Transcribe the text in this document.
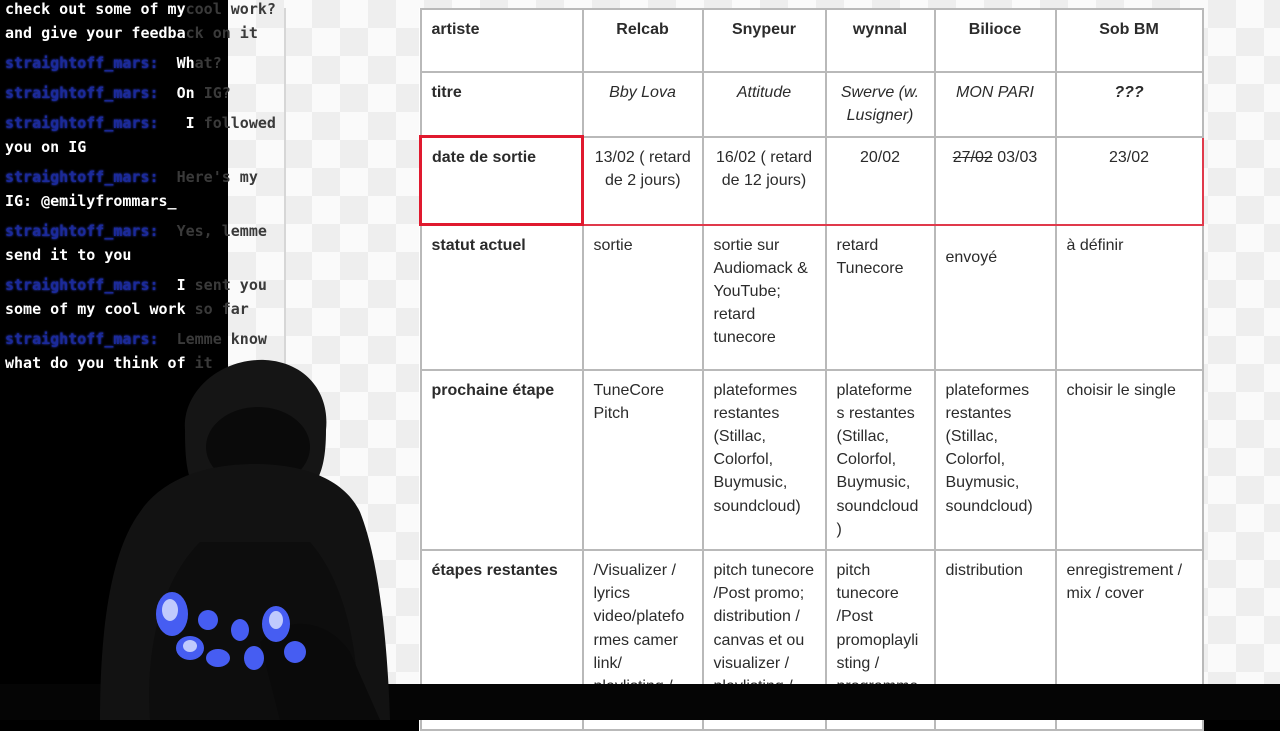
artiste	Relcab	Snypeur	wynnal	Bilioce	Sob BM
titre	Bby Lova	Attitude	Swerve (w. Lusigner)	MON PARI	???
date de sortie	13/02 ( retard de 2 jours)	16/02 ( retard de 12 jours)	20/02	27/02 03/03	23/02
statut actuel	sortie	sortie sur Audiomack & YouTube; retard tunecore	retard Tunecore	envoyé	à définir
prochaine étape	TuneCore Pitch	plateformes restantes (Stillac, Colorfol, Buymusic, soundcloud)	plateforme s restantes (Stillac, Colorfol, Buymusic, soundcloud )	plateformes restantes (Stillac, Colorfol, Buymusic, soundcloud)	choisir le single
étapes restantes	/Visualizer / lyrics video/platefo rmes camer link/	pitch tunecore /Post promo; distribution / canvas et ou visualizer /	pitch tunecore /Post promoplayli sting /	distribution	enregistrement / mix / cover
check out some of mycool work?
and give your feedback on it
straightoff_mars: What?
straightoff_mars: On IG?
straightoff_mars: I followed
you on IG
straightoff_mars: Here's my
IG: @emilyfrommars_
straightoff_mars: Yes, lemme
send it to you
straightoff_mars: I sent you
some of my cool work so far
straightoff_mars: Lemme know
what do you think of it
